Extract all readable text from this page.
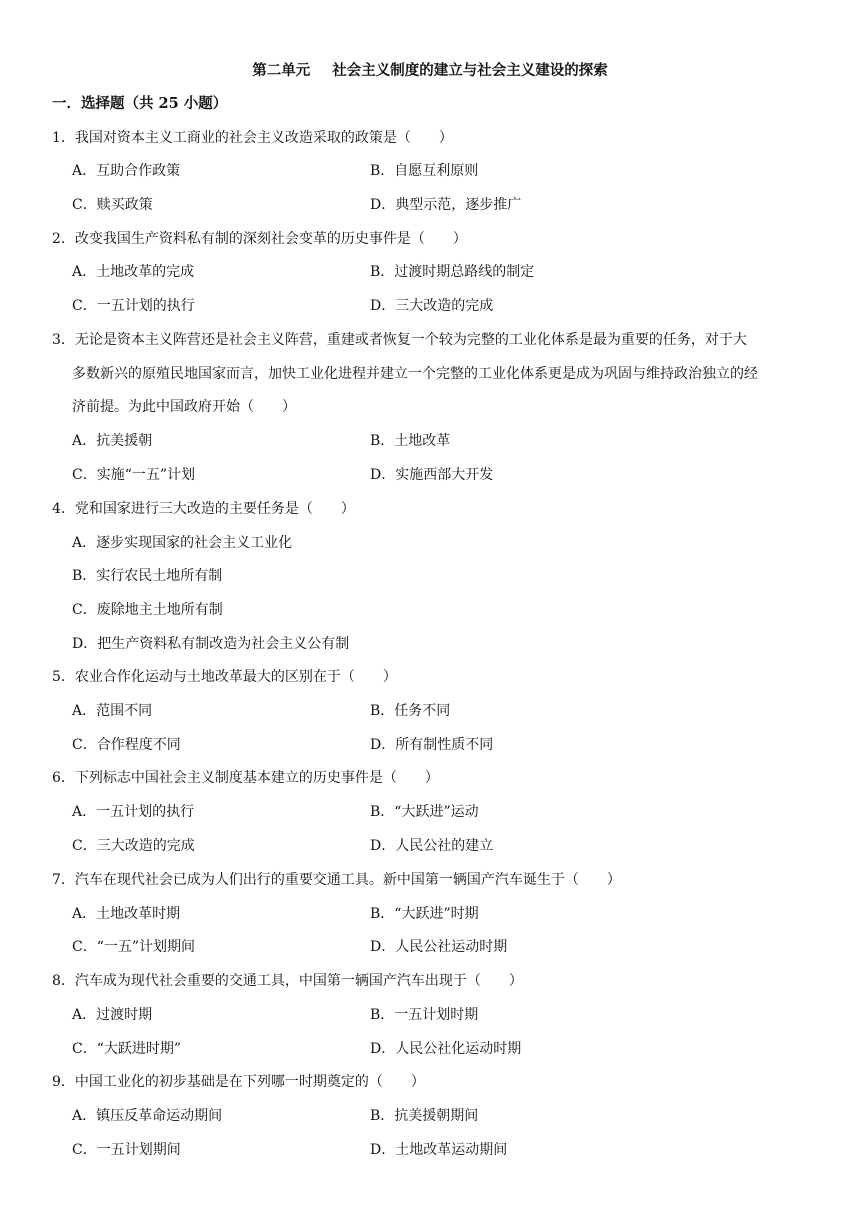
第二单元 社会主义制度的建立与社会主义建设的探索
一．选择题（共 25 小题）
1．我国对资本主义工商业的社会主义改造采取的政策是（　　）
A．互助合作政策	B．自愿互利原则
C．赎买政策	D．典型示范，逐步推广
2．改变我国生产资料私有制的深刻社会变革的历史事件是（　　）
A．土地改革的完成	B．过渡时期总路线的制定
C．一五计划的执行	D．三大改造的完成
3．无论是资本主义阵营还是社会主义阵营，重建或者恢复一个较为完整的工业化体系是最为重要的任务，对于大
多数新兴的原殖民地国家而言，加快工业化进程并建立一个完整的工业化体系更是成为巩固与维持政治独立的经
济前提。为此中国政府开始（　　）
A．抗美援朝	B．土地改革
C．实施“一五”计划	D．实施西部大开发
4．党和国家进行三大改造的主要任务是（　　）
A．逐步实现国家的社会主义工业化
B．实行农民土地所有制
C．废除地主土地所有制
D．把生产资料私有制改造为社会主义公有制
5．农业合作化运动与土地改革最大的区别在于（　　）
A．范围不同	B．任务不同
C．合作程度不同	D．所有制性质不同
6．下列标志中国社会主义制度基本建立的历史事件是（　　）
A．一五计划的执行	B．“大跃进”运动
C．三大改造的完成	D．人民公社的建立
7．汽车在现代社会已成为人们出行的重要交通工具。新中国第一辆国产汽车诞生于（　　）
A．土地改革时期	B．“大跃进”时期
C．“一五”计划期间	D．人民公社运动时期
8．汽车成为现代社会重要的交通工具，中国第一辆国产汽车出现于（　　）
A．过渡时期	B．一五计划时期
C．“大跃进时期”	D．人民公社化运动时期
9．中国工业化的初步基础是在下列哪一时期奠定的（　　）
A．镇压反革命运动期间	B．抗美援朝期间
C．一五计划期间	D．土地改革运动期间
